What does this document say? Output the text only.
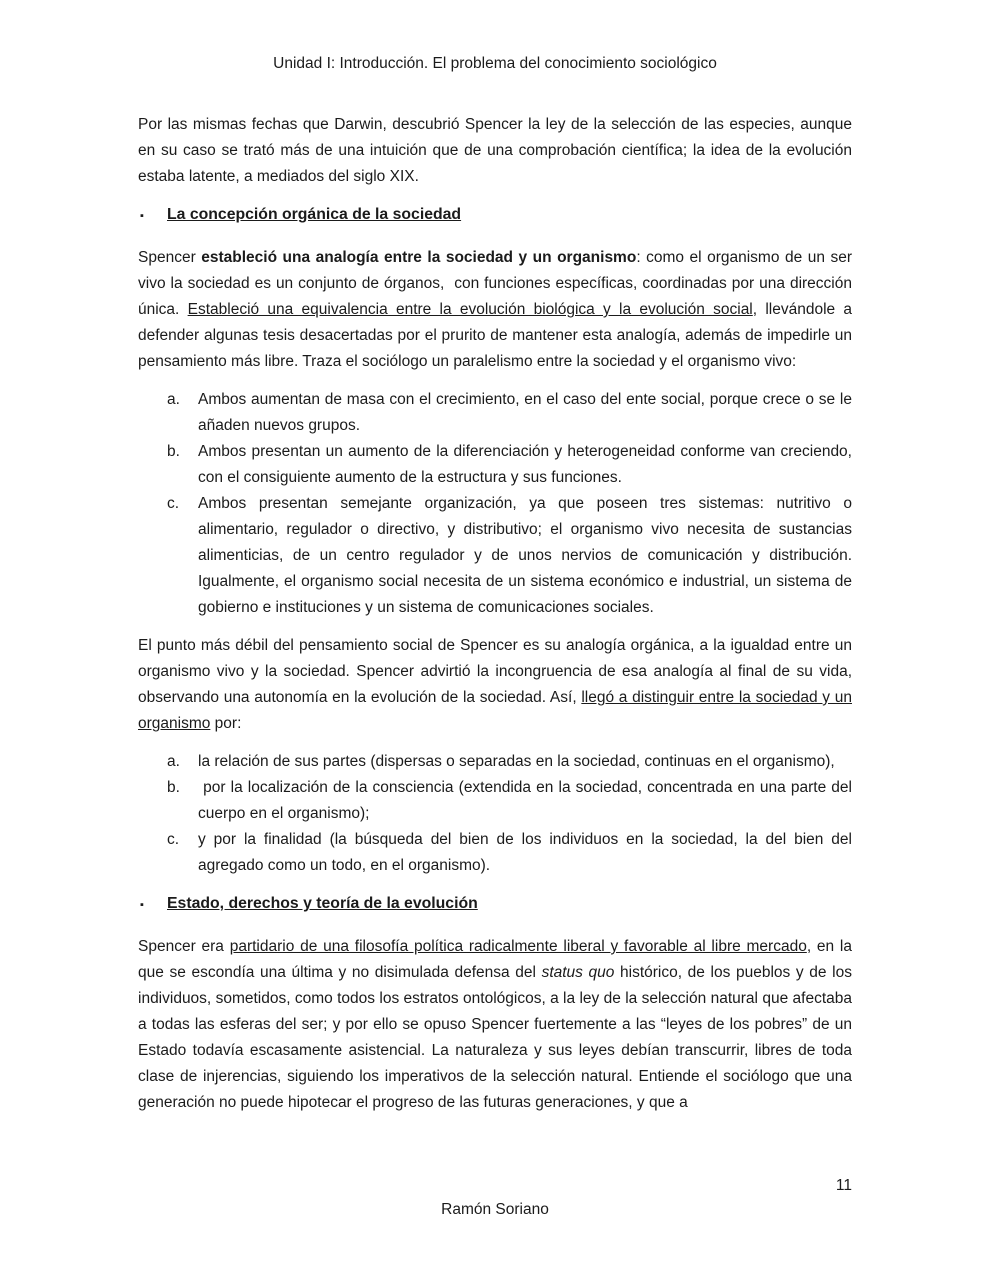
Unidad I: Introducción. El problema del conocimiento sociológico

Por las mismas fechas que Darwin, descubrió Spencer la ley de la selección de las especies, aunque en su caso se trató más de una intuición que de una comprobación científica; la idea de la evolución estaba latente, a mediados del siglo XIX.

▪	La concepción orgánica de la sociedad

Spencer estableció una analogía entre la sociedad y un organismo: como el organismo de un ser vivo la sociedad es un conjunto de órganos,  con funciones específicas, coordinadas por una dirección única. Estableció una equivalencia entre la evolución biológica y la evolución social, llevándole a defender algunas tesis desacertadas por el prurito de mantener esta analogía, además de impedirle un pensamiento más libre. Traza el sociólogo un paralelismo entre la sociedad y el organismo vivo:

a.	Ambos aumentan de masa con el crecimiento, en el caso del ente social, porque crece o se le añaden nuevos grupos.
b.	Ambos presentan un aumento de la diferenciación y heterogeneidad conforme van creciendo, con el consiguiente aumento de la estructura y sus funciones.
c.	Ambos presentan semejante organización, ya que poseen tres sistemas: nutritivo o alimentario, regulador o directivo, y distributivo; el organismo vivo necesita de sustancias alimenticias, de un centro regulador y de unos nervios de comunicación y distribución. Igualmente, el organismo social necesita de un sistema económico e industrial, un sistema de gobierno e instituciones y un sistema de comunicaciones sociales.

El punto más débil del pensamiento social de Spencer es su analogía orgánica, a la igualdad entre un organismo vivo y la sociedad. Spencer advirtió la incongruencia de esa analogía al final de su vida, observando una autonomía en la evolución de la sociedad. Así, llegó a distinguir entre la sociedad y un organismo por:

a.	la relación de sus partes (dispersas o separadas en la sociedad, continuas en el organismo),
b.	por la localización de la consciencia (extendida en la sociedad, concentrada en una parte del cuerpo en el organismo);
c.	y por la finalidad (la búsqueda del bien de los individuos en la sociedad, la del bien del agregado como un todo, en el organismo).
▪	Estado, derechos y teoría de la evolución

Spencer era partidario de una filosofía política radicalmente liberal y favorable al libre mercado, en la que se escondía una última y no disimulada defensa del status quo histórico, de los pueblos y de los individuos, sometidos, como todos los estratos ontológicos, a la ley de la selección natural que afectaba a todas las esferas del ser; y por ello se opuso Spencer fuertemente a las “leyes de los pobres” de un Estado todavía escasamente asistencial. La naturaleza y sus leyes debían transcurrir, libres de toda clase de injerencias, siguiendo los imperativos de la selección natural. Entiende el sociólogo que una generación no puede hipotecar el progreso de las futuras generaciones, y que a

11
Ramón Soriano
